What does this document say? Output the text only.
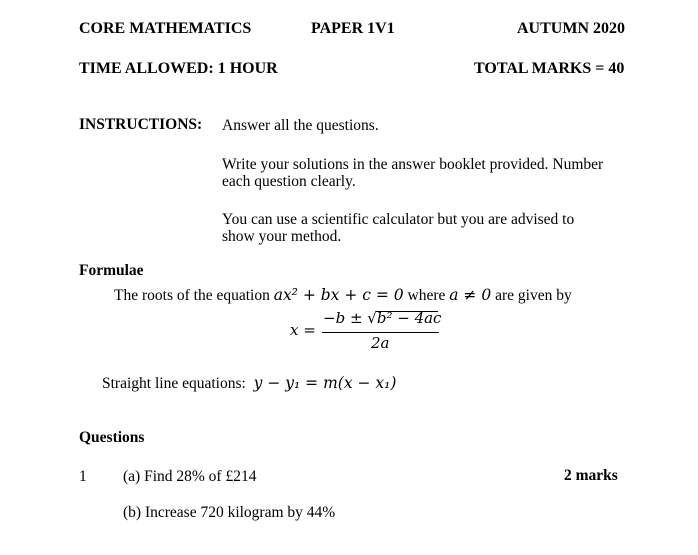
CORE MATHEMATICS	PAPER 1V1	AUTUMN 2020
TIME ALLOWED: 1 HOUR	TOTAL MARKS = 40
INSTRUCTIONS: Answer all the questions.
Write your solutions in the answer booklet provided. Number
each question clearly.
You can use a scientific calculator but you are advised to
show your method.
Formulae
The roots of the equation ax² + bx + c = 0 where a ≠ 0 are given by
x =
−b ± √b² − 4ac
2a
Straight line equations: y − y₁ = m(x − x₁)
Questions
1 (a) Find 28% of £214	2 marks
(b) Increase 720 kilogram by 44%
